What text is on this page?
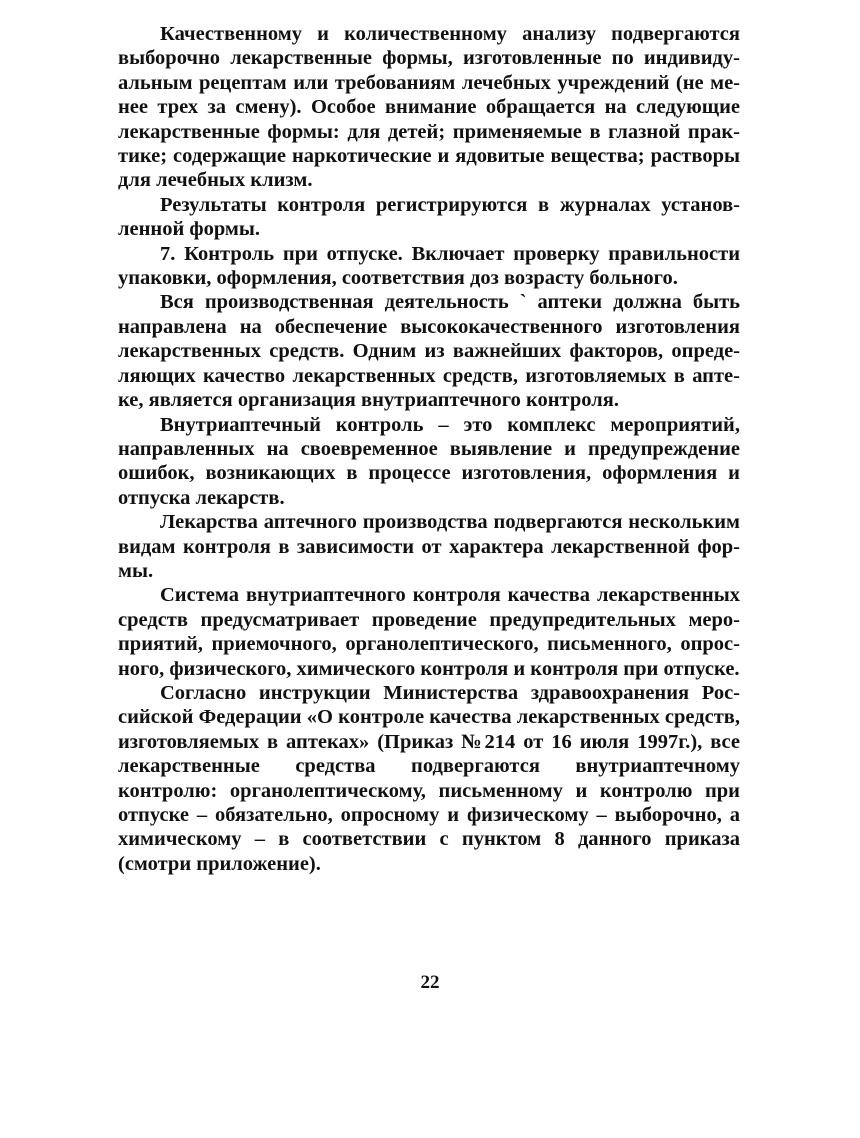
Качественному и количественному анализу подвергаются выборочно лекарственные формы, изготовленные по индивидуальным рецептам или требованиям лечебных учреждений (не менее трех за смену). Особое внимание обращается на следующие лекарственные формы: для детей; применяемые в глазной практике; содержащие наркотические и ядовитые вещества; растворы для лечебных клизм.

Результаты контроля регистрируются в журналах установленной формы.

7. Контроль при отпуске. Включает проверку правильности упаковки, оформления, соответствия доз возрасту больного.

Вся производственная деятельность ` аптеки должна быть направлена на обеспечение высококачественного изготовления лекарственных средств. Одним из важнейших факторов, определяющих качество лекарственных средств, изготовляемых в аптеке, является организация внутриаптечного контроля.

Внутриаптечный контроль – это комплекс мероприятий, направленных на своевременное выявление и предупреждение ошибок, возникающих в процессе изготовления, оформления и отпуска лекарств.

Лекарства аптечного производства подвергаются нескольким видам контроля в зависимости от характера лекарственной формы.

Система внутриаптечного контроля качества лекарственных средств предусматривает проведение предупредительных мероприятий, приемочного, органолептического, письменного, опросного, физического, химического контроля и контроля при отпуске.

Согласно инструкции Министерства здравоохранения Российской Федерации «О контроле качества лекарственных средств, изготовляемых в аптеках» (Приказ №214 от 16 июля 1997г.), все лекарственные средства подвергаются внутриаптечному контролю: органолептическому, письменному и контролю при отпуске – обязательно, опросному и физическому – выборочно, а химическому – в соответствии с пунктом 8 данного приказа (смотри приложение).

22
